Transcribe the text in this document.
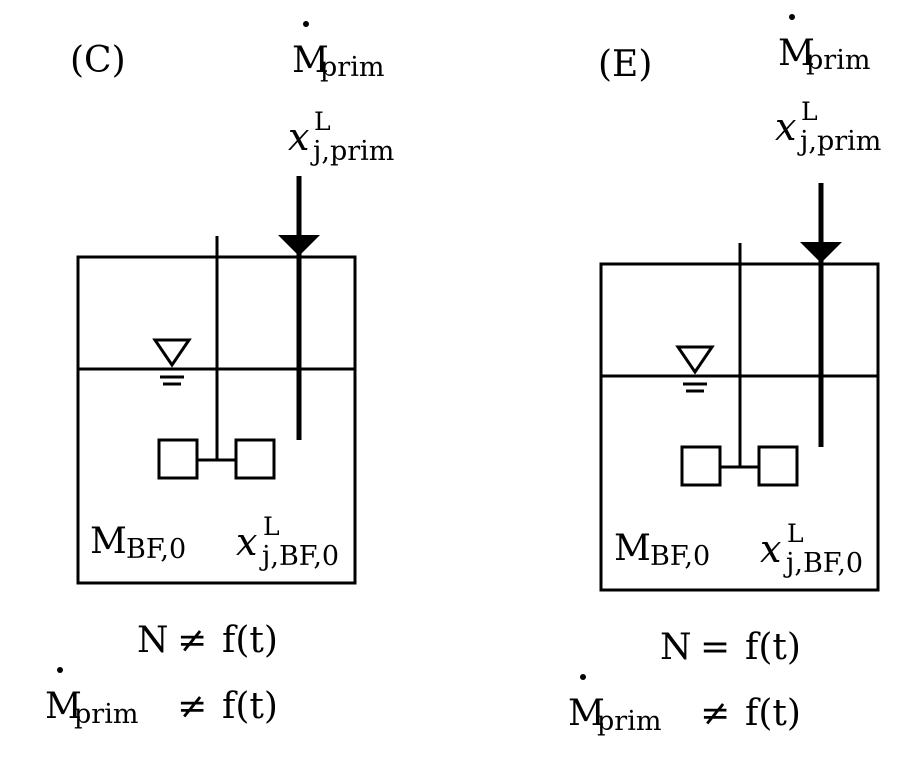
(C)	M
prim
x L
j,prim
M BF,0 x L
j,BF,0
N ≠ f(t)
M
prim ≠ f(t)
(E)	M
prim
x L
j,prim
M BF,0 x L
j,BF,0
N = f(t)
M
prim ≠ f(t)
